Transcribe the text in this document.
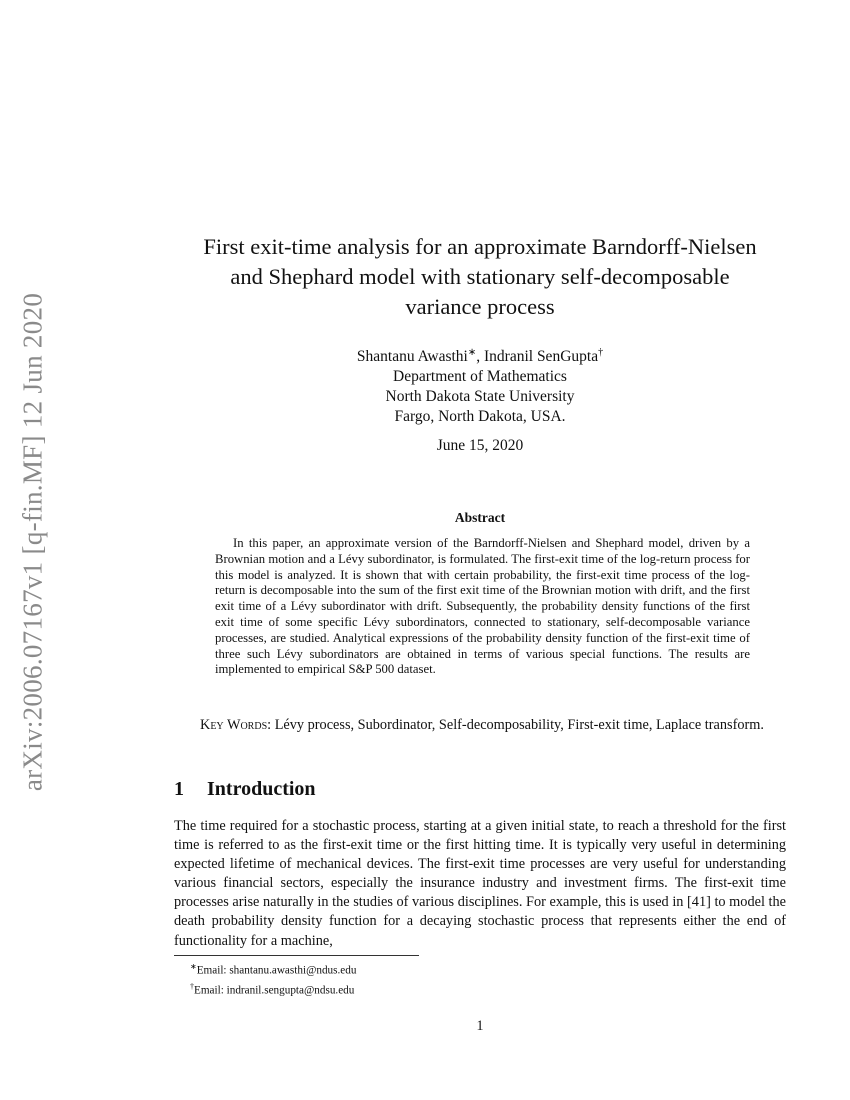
arXiv:2006.07167v1 [q-fin.MF] 12 Jun 2020
First exit-time analysis for an approximate Barndorff-Nielsen
and Shephard model with stationary self-decomposable
variance process
Shantanu Awasthi∗, Indranil SenGupta†
Department of Mathematics
North Dakota State University
Fargo, North Dakota, USA.
June 15, 2020
Abstract
In this paper, an approximate version of the Barndorff-Nielsen and Shephard model, driven by a Brownian motion and a Lévy subordinator, is formulated. The first-exit time of the log-return process for this model is analyzed. It is shown that with certain probability, the first-exit time process of the log-return is decomposable into the sum of the first exit time of the Brownian motion with drift, and the first exit time of a Lévy subordinator with drift. Subsequently, the probability density functions of the first exit time of some specific Lévy subordinators, connected to stationary, self-decomposable variance processes, are studied. Analytical expressions of the probability density function of the first-exit time of three such Lévy subordinators are obtained in terms of various special functions. The results are implemented to empirical S&P 500 dataset.
Key Words: Lévy process, Subordinator, Self-decomposability, First-exit time, Laplace transform.
1 Introduction
The time required for a stochastic process, starting at a given initial state, to reach a threshold for the first time is referred to as the first-exit time or the first hitting time. It is typically very useful in determining expected lifetime of mechanical devices. The first-exit time processes are very useful for understanding various financial sectors, especially the insurance industry and investment firms. The first-exit time processes arise naturally in the studies of various disciplines. For example, this is used in [41] to model the death probability density function for a decaying stochastic process that represents either the end of functionality for a machine,
∗Email: shantanu.awasthi@ndus.edu
†Email: indranil.sengupta@ndsu.edu
1
